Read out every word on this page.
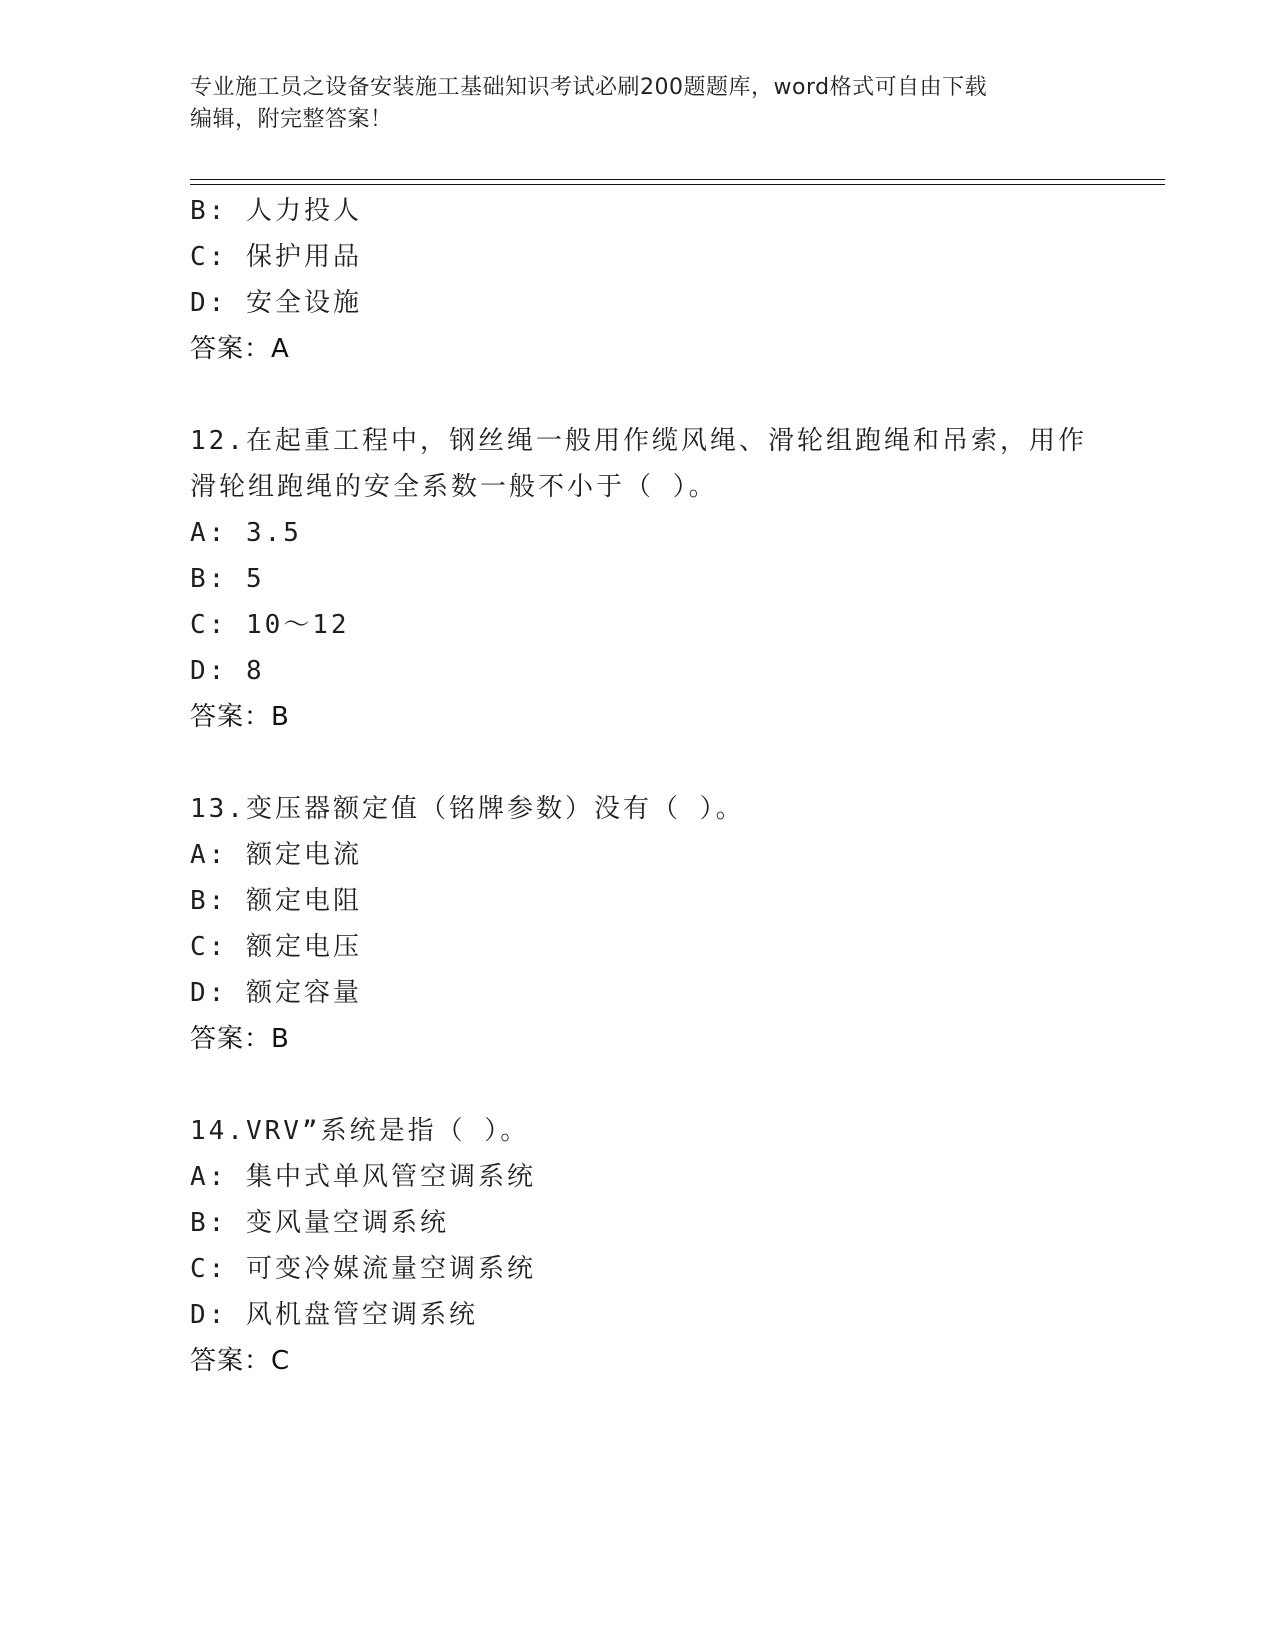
专业施工员之设备安装施工基础知识考试必刷200题题库，word格式可自由下载
编辑，附完整答案！
B: 人力投人
C: 保护用品
D: 安全设施
答案：A
12.在起重工程中，钢丝绳一般用作缆风绳、滑轮组跑绳和吊索，用作
滑轮组跑绳的安全系数一般不小于（ ）。
A: 3.5
B: 5
C: 10～12
D: 8
答案：B
13.变压器额定值（铭牌参数）没有（ ）。
A: 额定电流
B: 额定电阻
C: 额定电压
D: 额定容量
答案：B
14.VRV”系统是指（ ）。
A: 集中式单风管空调系统
B: 变风量空调系统
C: 可变冷媒流量空调系统
D: 风机盘管空调系统
答案：C
